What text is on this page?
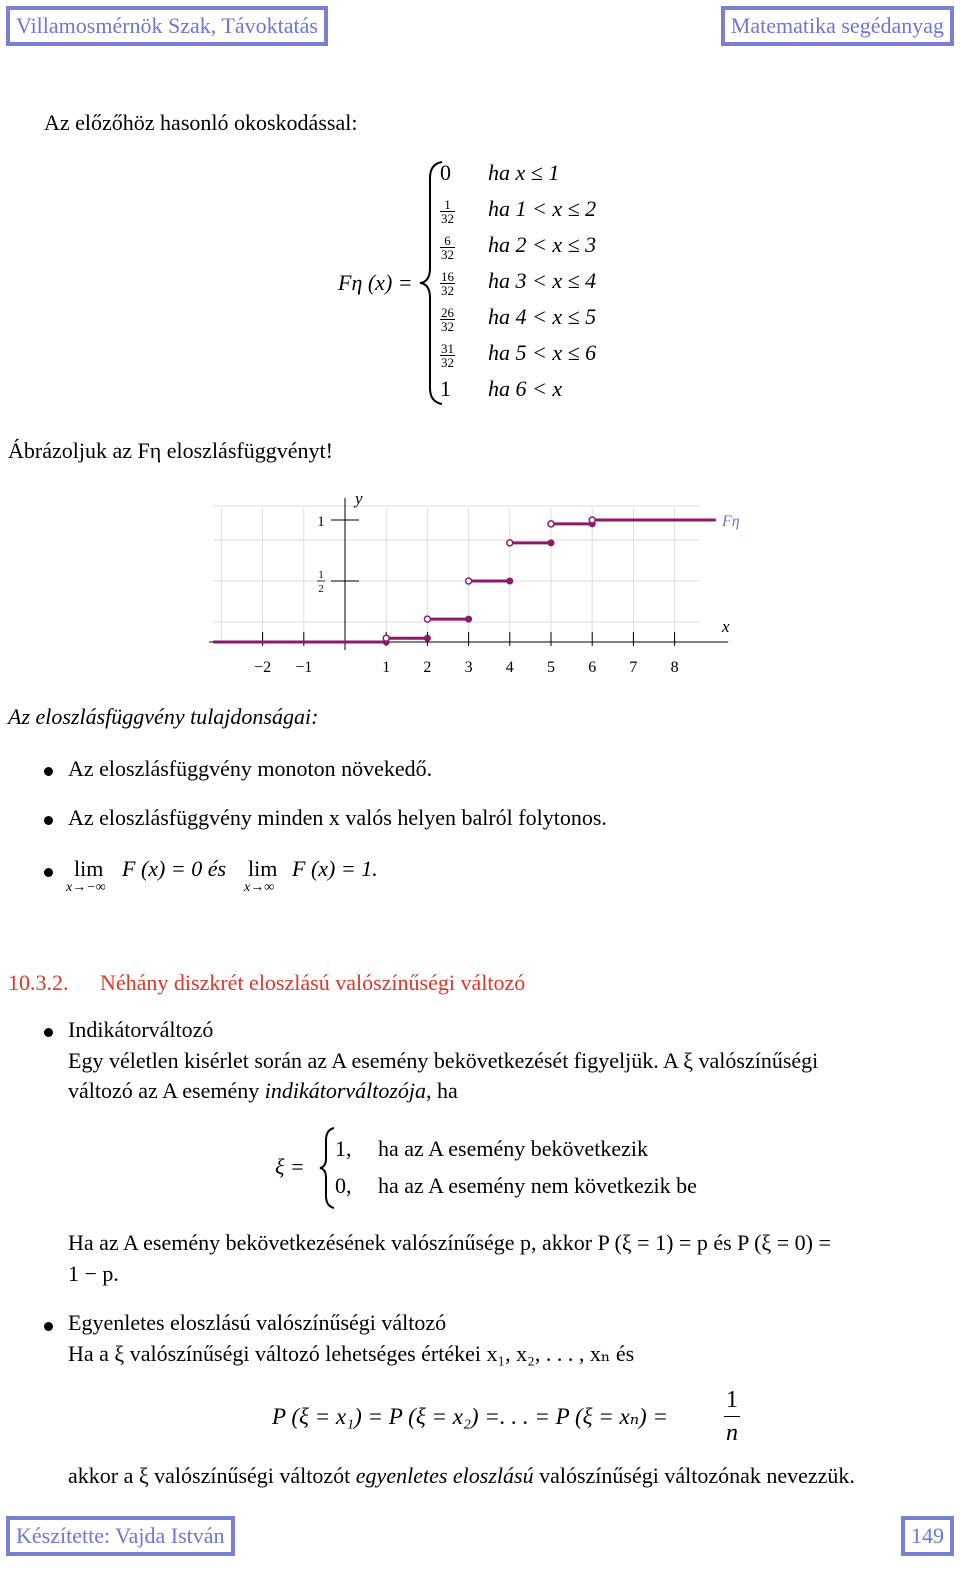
Villamosmérnök Szak, Távoktatás	Matematika segédanyag
Az előzőhöz hasonló okoskodással:
Fη (x) =
0 ha x ≤ 1
$\frac{1}{32}$ ha 1 < x ≤ 2
$\frac{6}{32}$ ha 2 < x ≤ 3
$\frac{16}{32}$ ha 3 < x ≤ 4
$\frac{26}{32}$ ha 4 < x ≤ 5
$\frac{31}{32}$ ha 5 < x ≤ 6
1 ha 6 < x
Ábrázoljuk az Fη eloszlásfüggvényt!
1
1
2
y
x
−2 −1	1 2 3 4 5 6 7 8
Fη
Az eloszlásfüggvény tulajdonságai:
Az eloszlásfüggvény monoton növekedő.
Az eloszlásfüggvény minden x valós helyen balról folytonos.
lim
x→−∞
F (x) = 0 és lim
x→∞
F (x) = 1.
10.3.2. Néhány diszkrét eloszlású valószínűségi változó
Indikátorváltozó
Egy véletlen kisérlet során az A esemény bekövetkezését figyeljük. A ξ valószínűségi
változó az A esemény indikátorváltozója, ha
ξ =
1, ha az A esemény bekövetkezik
0, ha az A esemény nem következik be
Ha az A esemény bekövetkezésének valószínűsége p, akkor P (ξ = 1) = p és P (ξ = 0) =
1 − p.
Egyenletes eloszlású valószínűségi változó
Ha a ξ valószínűségi változó lehetséges értékei x₁, x₂, . . . , xₙ és
P (ξ = x₁) = P (ξ = x₂) =. . . = P (ξ = xₙ) =
1
n
akkor a ξ valószínűségi változót egyenletes eloszlású valószínűségi változónak nevezzük.
Készítette: Vajda István	149
